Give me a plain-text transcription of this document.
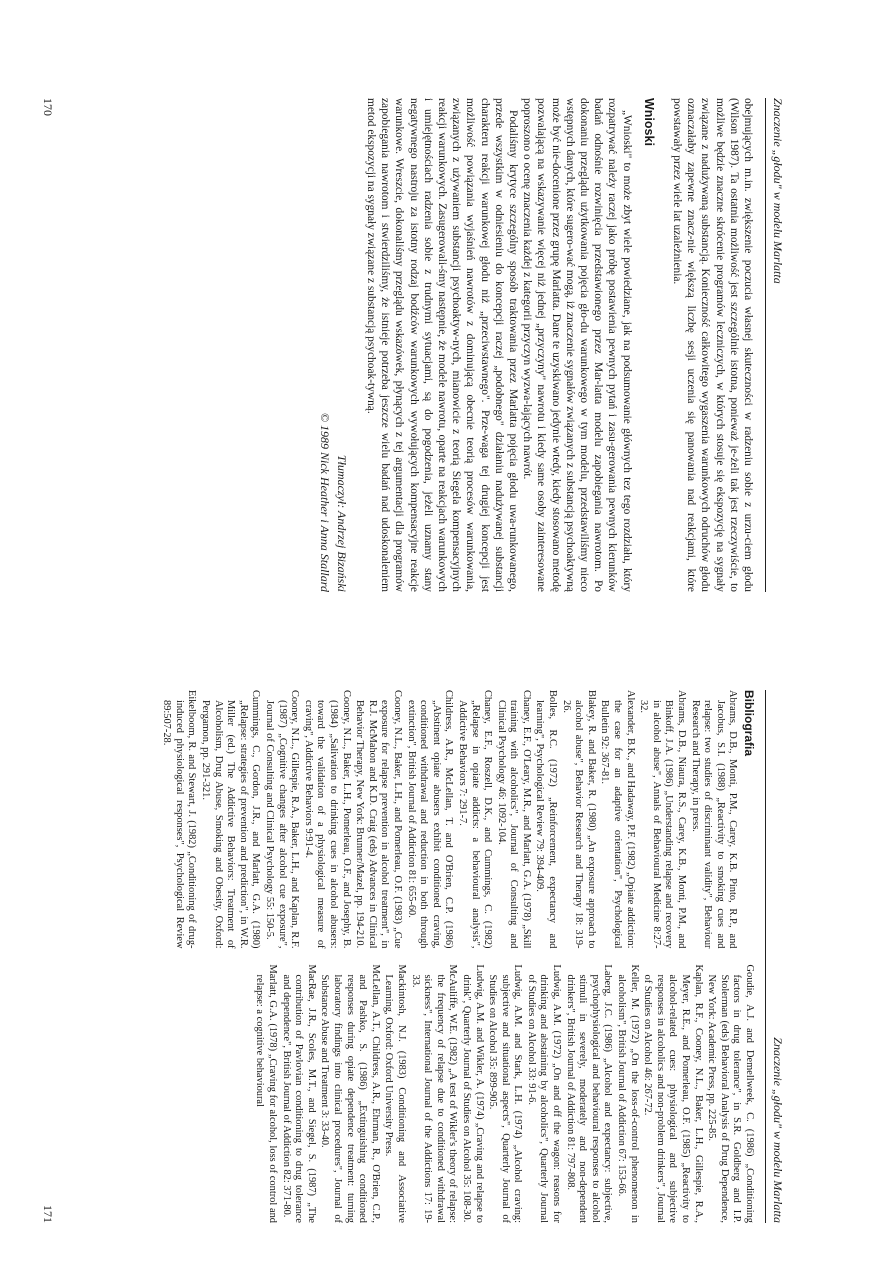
Znaczenie „głodu" w modelu Marlatta

obejmujących m.in. zwiększenie poczucia własnej skuteczności w radzeniu sobie z urzu-ciem głodu (Wilson 1987). Ta ostatnia możliwość jest szczególnie istotna, ponieważ je-żeli tak jest rzeczywiście, to możliwe będzie znaczne skrócenie programów leczniczych, w których stosuje się ekspozycję na sygnały związane z nadużywaną substancją. Konieczność całkowitego wygaszenia warunkowych odruchów głodu oznaczałaby zapewne znacz-nie większą liczbę sesji uczenia się panowania nad reakcjami, które powstawały przez wiele lat uzależnienia.

Wnioski

„Wnioski" to może zbyt wiele powiedziane, jak na podsumowanie głównych tez tego rozdziału, który rozpatrywać należy raczej jako próbę postawienia pewnych pytań i zasu-gerowania pewnych kierunków badań odnośnie rozwinięcia przedstawionego przez Mar-latta modelu zapobiegania nawrotom. Po dokonaniu przeglądu użytkowania pojęcia gło-du warunkowego w tym modelu, przedstawiliśmy nieco wstępnych danych, które sugero-wać mogą, iż znaczenie sygnałów związanych z substancją psychoaktywną może być nie-docenione przez grupę Marlatta. Dane te uzyskiwano jedynie wtedy, kiedy stosowano metodę pozwalającą na wskazywanie więcej niż jednej „przyczyny" nawrotu i kiedy same osoby zainteresowane poproszono o ocenę znaczenia każdej z kategorii przyczyn wyzwa-lających nawrót.

Podaliśmy krytyce szczególny sposób traktowania przez Marlatta pojęcia głodu uwa-runkowanego, przede wszystkim w odniesieniu do koncepcji raczej „podobnego" działaniu nadużywanej substancji charakteru reakcji warunkowej głodu niż „przeciwstawnego". Prze-waga tej drugiej koncepcji jest możliwość powiązania wyjaśnień nawrotów z dominującą obecnie teorią procesów warunkowania, związanych z używaniem substancji psychoaktyw-nych, mianowicie z teorią Siegela kompensacyjnych reakcji warunkowych. Zasugerowali-śmy następnie, że modele nawrotu, oparte na reakcjach warunkowych i umiejętnościach radzenia sobie z trudnymi sytuacjami, są do pogodzenia, jeżeli uznamy stany negatywnego nastroju za istotny rodzaj bodźców warunkowych wywołujących kompensacyjne reakcje warunkowe. Wreszcie, dokonaliśmy przeglądu wskazówek, płynących z tej argumentacji dla programów zapobiegania nawrotom i stwierdziliśmy, że istnieje potrzeba jeszcze wielu badań nad udoskonaleniem metod ekspozycji na sygnały związane z substancją psychoak-tywną.

Tłumaczył: Andrzej Bizański
© 1989 Nick Heather i Anna Stallard
170
Znaczenie „głodu" w modelu Marlatta
Bibliografia

Abrams, D.B., Monti, P.M., Carey, K.B. Pinto, R.P., and Jacobus, S.I. (1988) „Reactivity to smoking cues and relapse: two studies of discriminant validity", Behaviour Research and Therapy, in press.

Abrams, D.B., Niaura, R.S., Carey, K.B., Monti, P.M., and Binkoff, J.A. (1986) „Understanding relapse and recovery in alcohol abuse", Annals of Behavioural Medicine 8:27-32.

Alexander, B.K., and Hadaway, P.F. (1982) „Opiate addiction: the case for an adaptive orientation", Psychological Bulletin 92: 367-81.

Blakey, R. and Baker, R. (1980) „An exposure approach to alcohol abuse", Behavior Research and Therapy 18: 319-26.

Bolles, R.C. (1972) „Reinforcement, expectancy and learning", Psychological Review 79: 394-409.

Chaney, E.F., O'Leary, M.R., and Marlatt, G.A. (1978) „Skill training with alcoholics", Journal of Consulting and Clinical Psychology 46: 1092-104.

Chaney, E.F., Roszell, D.K., and Cummings, C. (1982) „Relapse in opiate addicts: a behavioural analysis", Addictive Behaviors 7: 291-7.

Childress, A.R., McLellan, T. and O'Brien, C.P. (1986) „Abstinent opiate abusers exhibit conditioned craving, conditioned withdrawal and reduction in both through extinction", British Journal of Addiction 81: 655-60.

Cooney, N.L., Baker, L.H., and Pomerleau, O.F. (1983) „Cue exposure for relapse prevention in alcohol treatment", in R.J. McMahon and K.D. Craig (eds) Advances in Clinical Behavior Therapy, New York: Brunner/Mazel, pp. 194-210.

Cooney, N.L., Baker, L.H., Pomerleau, O.F., and Josephy, B. (1984) „Salivation to drinking cues in alcohol abusers: toward the validation of a physiological measure of craving", Addictive Behaviors 9:91-4.

Cooney, N.L., Gillespie, R.A., Baker, L.H., and Kaplan, R.F. (1987) „Cognitive changes after alcohol cue exposure", Journal of Consulting and Clinical Psychology 55: 150-5.

Cummings, C., Gordon, J.R., and Marlatt, G.A. (1980) „Relapse: strategies of prevention and prediction", in W.R. Miller (ed.) The Addictive Behaviors: Treatment of Alcoholism, Drug Abuse, Smoking and Obesity, Oxford: Pergamon, pp. 291-321.

Eikelboom, R. and Stewart, J. (1982) „Conditioning of drug-induced physiological responses", Psychological Review 89:507-28.

Goudie, A.J. and Demellweek, C. (1986) „Conditioning factors in drug tolerance", in S.R. Goldberg and I.P. Stolerman (eds) Behavioral Analysis of Drug Dependence, New York: Academic Press, pp. 225-85.

Kaplan, R.F., Cooney, N.L., Baker, L.H., Gillespie, R.A., Meyer, R.E., and Pomerleau, O.F. (1985) „Reactivity to alcohol-related cues: physiological and subjective responses in alcoholics and non-problem drinkers", Journal of Studies on Alcohol 46: 267-72.

Keller, M. (1972) „On the loss-of-control phenomenon in alcoholism", British Journal of Addiction 67: 153-66.

Laberg, J.C. (1986) „Alcohol and expectancy: subjective, psychophysiological and behavioural responses to alcohol stimuli in severely, moderately and non-dependent drinkers", British Journal of Addiction 81: 797-808.

Ludwig, A.M. (1972) „On and off the wagon: reasons for drinking and abstaining by alcoholics", Quarterly Journal of Studies on Alcohol 33: 91-6.

Ludwig, A.M. and Stark, L.H. (1974) „Alcohol craving: subjective and situational aspects", Quarterly Journal of Studies on Alcohol 35: 899-905.

Ludwig, A.M. and Wikler, A. (1974) „Craving and relapse to drink", Quarterly Journal of Studies on Alcohol 35: 108-30.

McAuliffe, W.E. (1982) „A test of Wikler's theory of relapse: the frequency of relapse due to conditioned withdrawal sickness", International Journal of the Addictions 17: 19-33.

Mackintosh, N.J. (1983) Conditioning and Associative Learning, Oxford: Oxford University Press.

McLellan, A.T., Childress, A.R., Ehrman, R., O'Brien, C.P., and Pashko, S. (1986) „Extinguishing conditioned responses during opiate dependence treatment: turning laboratory findings into clinical procedures", Journal of Substance Abuse and Treatment 3: 33-40.

MacRae, J.R., Scoles, M.T., and Siegel, S. (1987) „The contribution of Pavlovian conditioning to drug tolerance and dependence", British Journal of Addiction 82: 371-80.

Marlatt, G.A. (1978) „Craving for alcohol, loss of control and relapse: a cognitive behavioural

171
